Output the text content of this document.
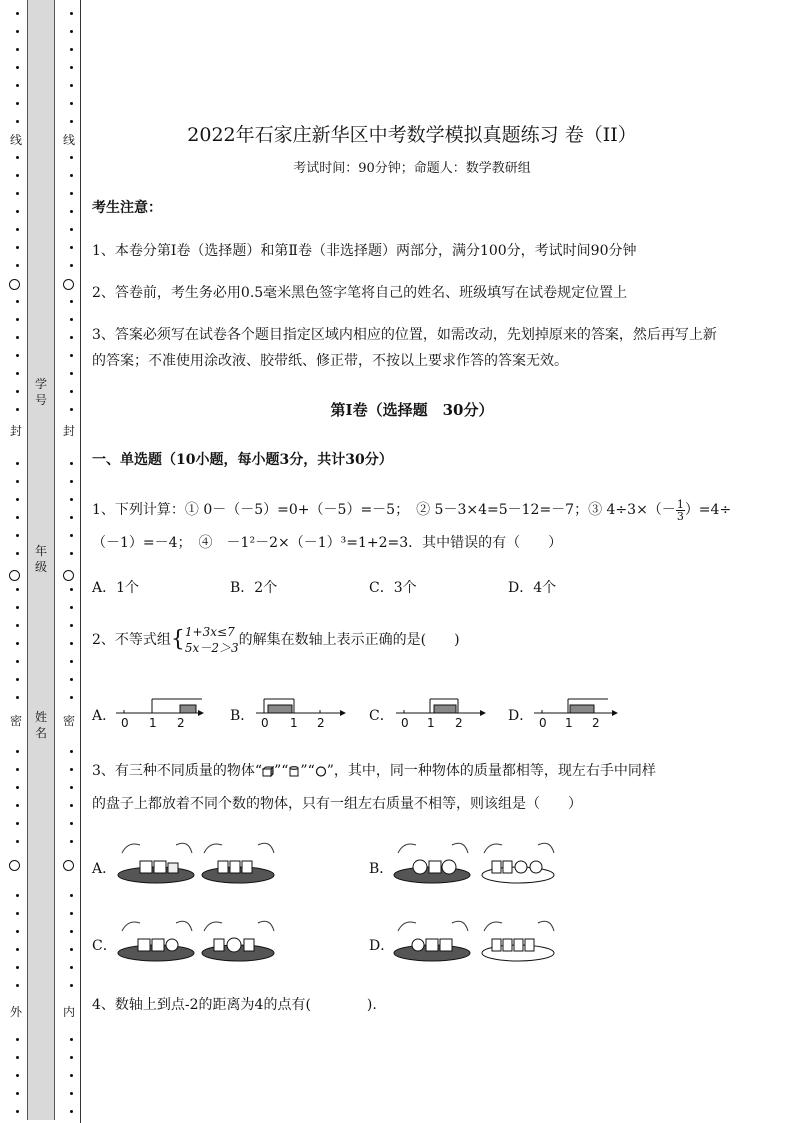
线
封
密
外
线
封
密
内
学号
年级
姓名
2022年石家庄新华区中考数学模拟真题练习 卷（II）
考试时间：90分钟；命题人：数学教研组
考生注意：
1、本卷分第I卷（选择题）和第Ⅱ卷（非选择题）两部分，满分100分，考试时间90分钟
2、答卷前，考生务必用0.5毫米黑色签字笔将自己的姓名、班级填写在试卷规定位置上
3、答案必须写在试卷各个题目指定区域内相应的位置，如需改动，先划掉原来的答案，然后再写上新
的答案；不准使用涂改液、胶带纸、修正带，不按以上要求作答的答案无效。
第I卷（选择题　30分）
一、单选题（10小题，每小题3分，共计30分）
1、下列计算：① 0－（－5）=0+（－5）=－5；　② 5－3×4=5－12=－7；③ $4\div 3\times(- \frac{1}{3} )=4\div$
（－1）=－4；　④　－1²－2×（－1）³=1+2=3．其中错误的有（　　）
A．1个	B．2个	C．3个	D．4个
2、不等式组{ 1+3x≤7
5x－2＞3 的解集在数轴上表示正确的是(　　)
A． 0 1 2	B． 0 1 2	C． 0 1 2	D． 0 1 2
3、有三种不同质量的物体“ ”“ ”“ ”，其中，同一种物体的质量都相等，现左右手中同样
的盘子上都放着不同个数的物体，只有一组左右质量不相等，则该组是（　　）
A．	B．
C．	D．
4、数轴上到点-2的距离为4的点有(　　　　).
